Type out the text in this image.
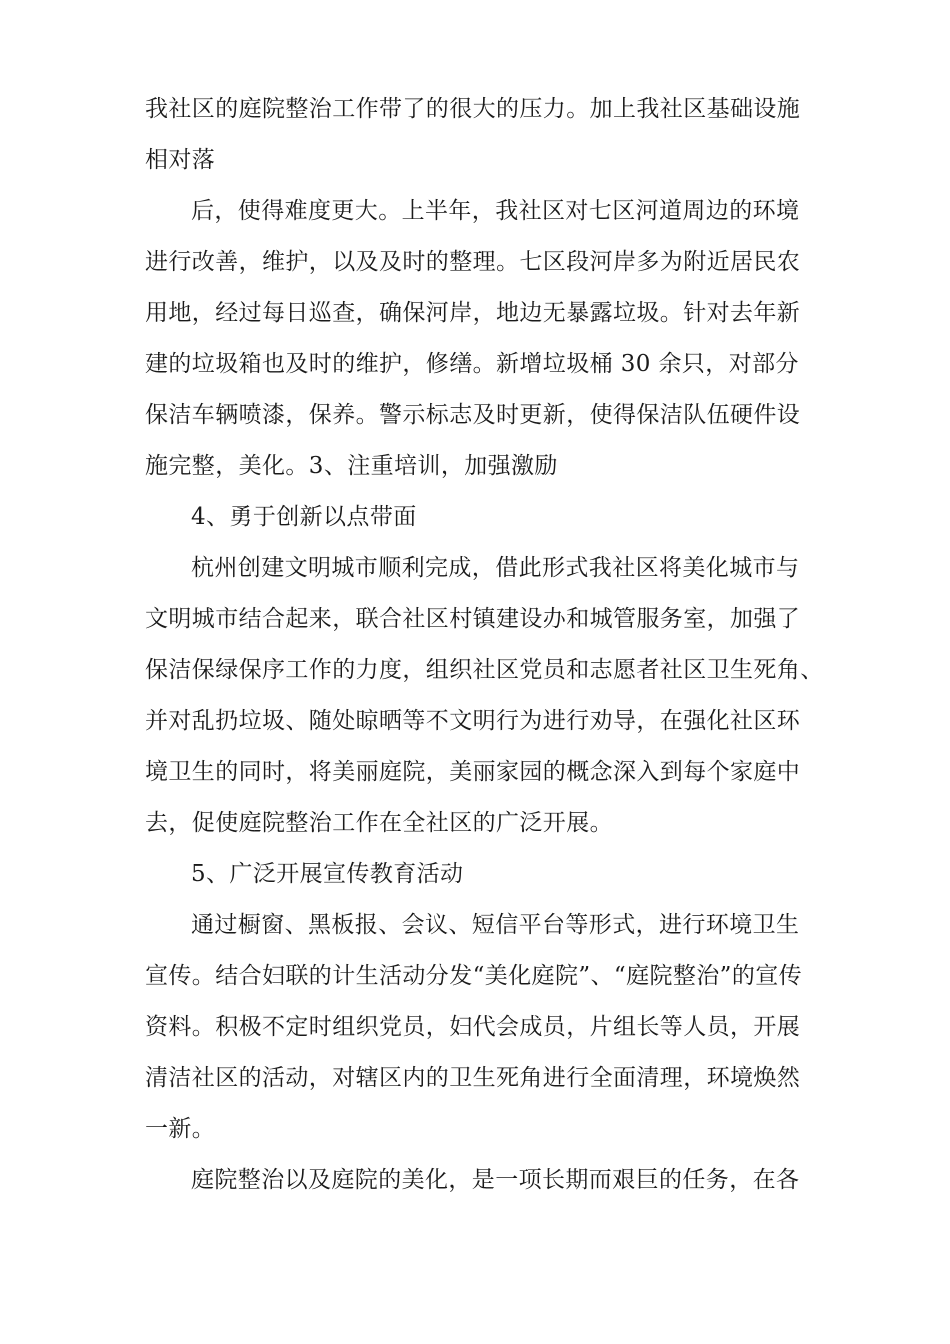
我社区的庭院整治工作带了的很大的压力。加上我社区基础设施
相对落

后，使得难度更大。上半年，我社区对七区河道周边的环境
进行改善，维护，以及及时的整理。七区段河岸多为附近居民农
用地，经过每日巡查，确保河岸，地边无暴露垃圾。针对去年新
建的垃圾箱也及时的维护，修缮。新增垃圾桶 30 余只，对部分
保洁车辆喷漆，保养。警示标志及时更新，使得保洁队伍硬件设
施完整，美化。3、注重培训，加强激励

4、勇于创新以点带面

杭州创建文明城市顺利完成，借此形式我社区将美化城市与
文明城市结合起来，联合社区村镇建设办和城管服务室，加强了
保洁保绿保序工作的力度，组织社区党员和志愿者社区卫生死角、
并对乱扔垃圾、随处晾晒等不文明行为进行劝导，在强化社区环
境卫生的同时，将美丽庭院，美丽家园的概念深入到每个家庭中
去，促使庭院整治工作在全社区的广泛开展。

5、广泛开展宣传教育活动

通过橱窗、黑板报、会议、短信平台等形式，进行环境卫生
宣传。结合妇联的计生活动分发“美化庭院”、“庭院整治”的宣传
资料。积极不定时组织党员，妇代会成员，片组长等人员，开展
清洁社区的活动，对辖区内的卫生死角进行全面清理，环境焕然
一新。

庭院整治以及庭院的美化，是一项长期而艰巨的任务，在各
